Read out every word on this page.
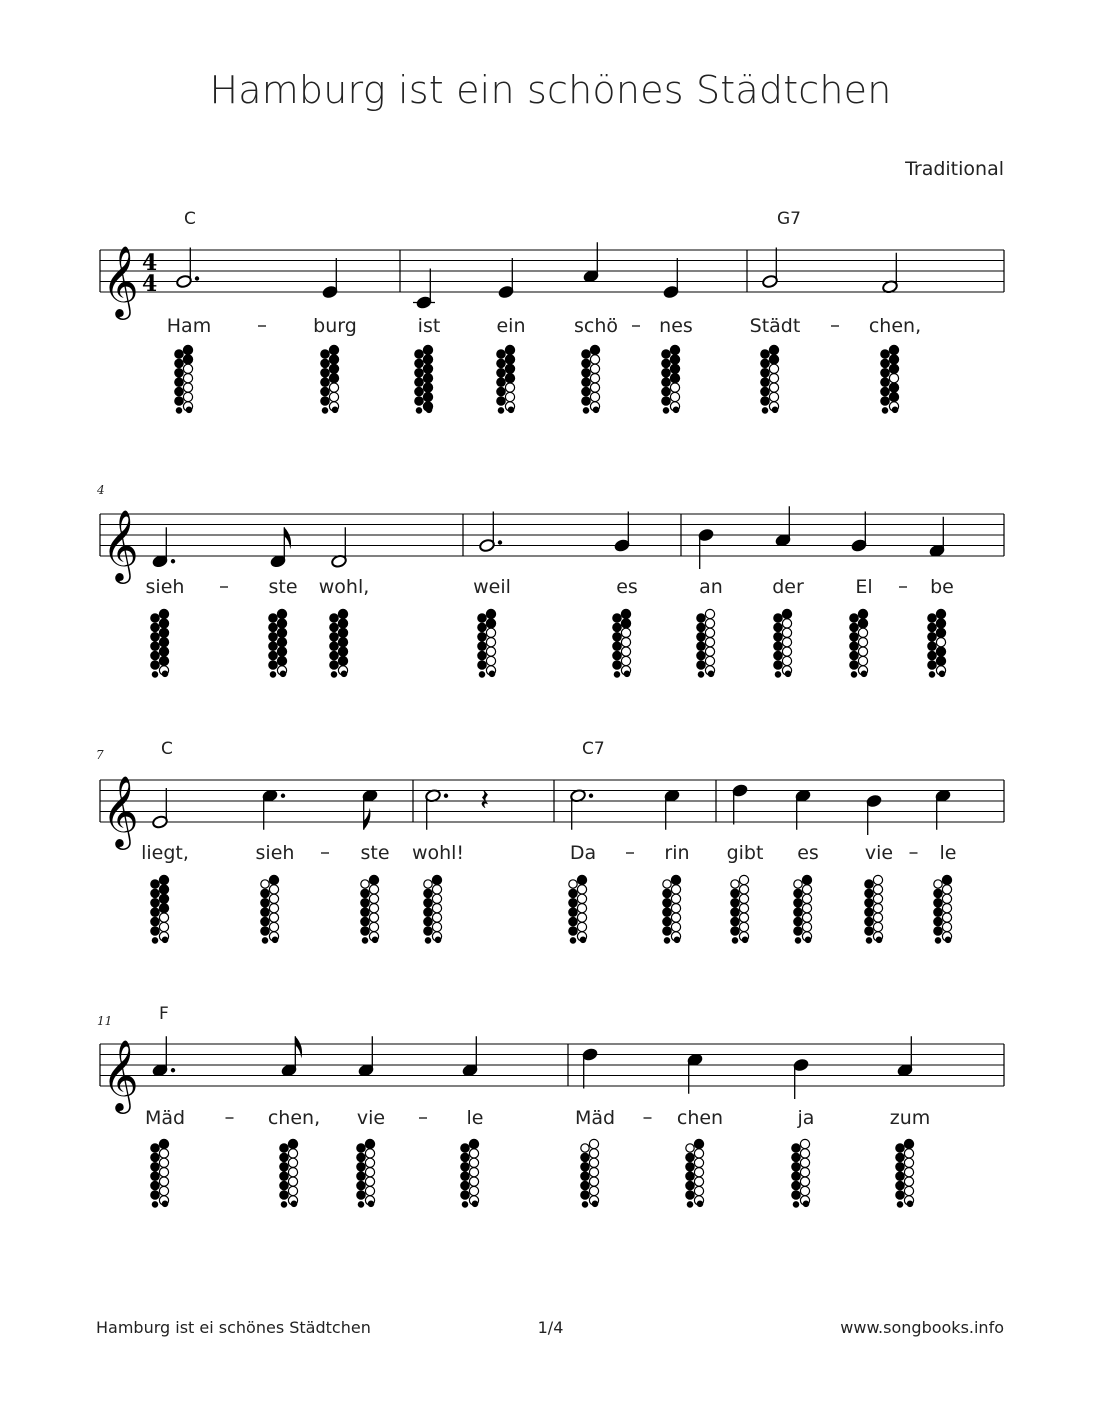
Hamburg ist ein schönes Städtchen
Traditional
𝄞 4
4
C	G7
Ham	burg	ist	ein	schö nes	Städt	chen,
𝄞
4
sieh	ste wohl,	weil	es	an	der	El	be
𝄞
7	C	C7
liegt,	sieh	ste wohl!
𝄽
Da	rin gibt es vie le
𝄞
11	F
Mäd	chen, vie	le	Mäd	chen	ja	zum
Hamburg ist ei schönes Städtchen	1/4	www.songbooks.info
